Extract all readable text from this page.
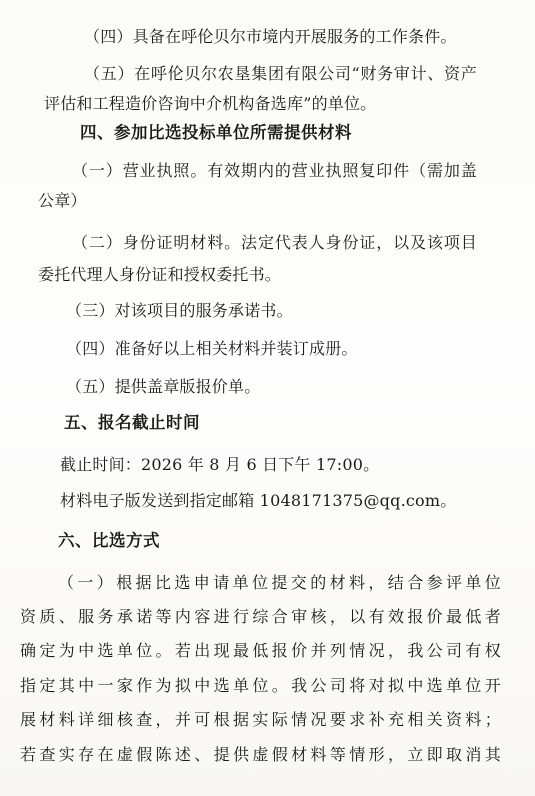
（四）具备在呼伦贝尔市境内开展服务的工作条件。
（五）在呼伦贝尔农垦集团有限公司“财务审计、资产
评估和工程造价咨询中介机构备选库”的单位。
四、参加比选投标单位所需提供材料
（一）营业执照。有效期内的营业执照复印件（需加盖
公章）
（二）身份证明材料。法定代表人身份证，以及该项目
委托代理人身份证和授权委托书。
（三）对该项目的服务承诺书。
（四）准备好以上相关材料并装订成册。
（五）提供盖章版报价单。
五、报名截止时间
截止时间：2026 年 8 月 6 日下午 17:00。
材料电子版发送到指定邮箱 1048171375@qq.com。
六、比选方式
（一）根据比选申请单位提交的材料，结合参评单位
资质、服务承诺等内容进行综合审核，以有效报价最低者
确定为中选单位。若出现最低报价并列情况，我公司有权
指定其中一家作为拟中选单位。我公司将对拟中选单位开
展材料详细核查，并可根据实际情况要求补充相关资料；
若查实存在虚假陈述、提供虚假材料等情形，立即取消其
